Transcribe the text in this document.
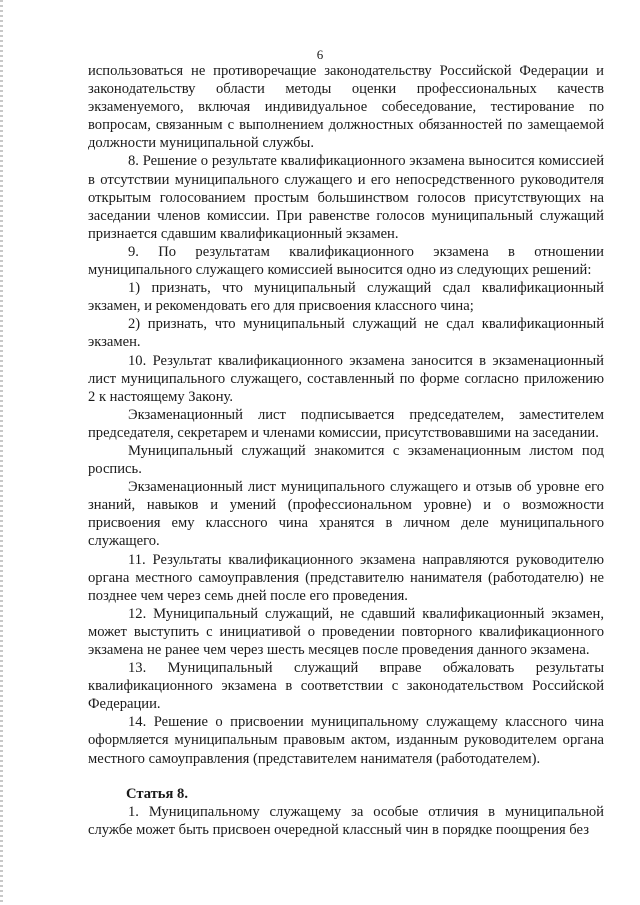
6

использоваться не противоречащие законодательству Российской Федерации и законодательству области методы оценки профессиональных качеств экзаменуемого, включая индивидуальное собеседование, тестирование по вопросам, связанным с выполнением должностных обязанностей по замещаемой должности муниципальной службы.

8. Решение о результате квалификационного экзамена выносится комиссией в отсутствии муниципального служащего и его непосредственного руководителя открытым голосованием простым большинством голосов присутствующих на заседании членов комиссии. При равенстве голосов муниципальный служащий признается сдавшим квалификационный экзамен.

9. По результатам квалификационного экзамена в отношении муниципального служащего комиссией выносится одно из следующих решений:

1) признать, что муниципальный служащий сдал квалификационный экзамен, и рекомендовать его для присвоения классного чина;

2) признать, что муниципальный служащий не сдал квалификационный экзамен.

10. Результат квалификационного экзамена заносится в экзаменационный лист муниципального служащего, составленный по форме согласно приложению 2 к настоящему Закону.

Экзаменационный лист подписывается председателем, заместителем председателя, секретарем и членами комиссии, присутствовавшими на заседании.

Муниципальный служащий знакомится с экзаменационным листом под роспись.

Экзаменационный лист муниципального служащего и отзыв об уровне его знаний, навыков и умений (профессиональном уровне) и о возможности присвоения ему классного чина хранятся в личном деле муниципального служащего.

11. Результаты квалификационного экзамена направляются руководителю органа местного самоуправления (представителю нанимателя (работодателю) не позднее чем через семь дней после его проведения.

12. Муниципальный служащий, не сдавший квалификационный экзамен, может выступить с инициативой о проведении повторного квалификационного экзамена не ранее чем через шесть месяцев после проведения данного экзамена.

13. Муниципальный служащий вправе обжаловать результаты квалификационного экзамена в соответствии с законодательством Российской Федерации.

14. Решение о присвоении муниципальному служащему классного чина оформляется муниципальным правовым актом, изданным руководителем органа местного самоуправления (представителем нанимателя (работодателем).

Статья 8.

1. Муниципальному служащему за особые отличия в муниципальной службе может быть присвоен очередной классный чин в порядке поощрения без
